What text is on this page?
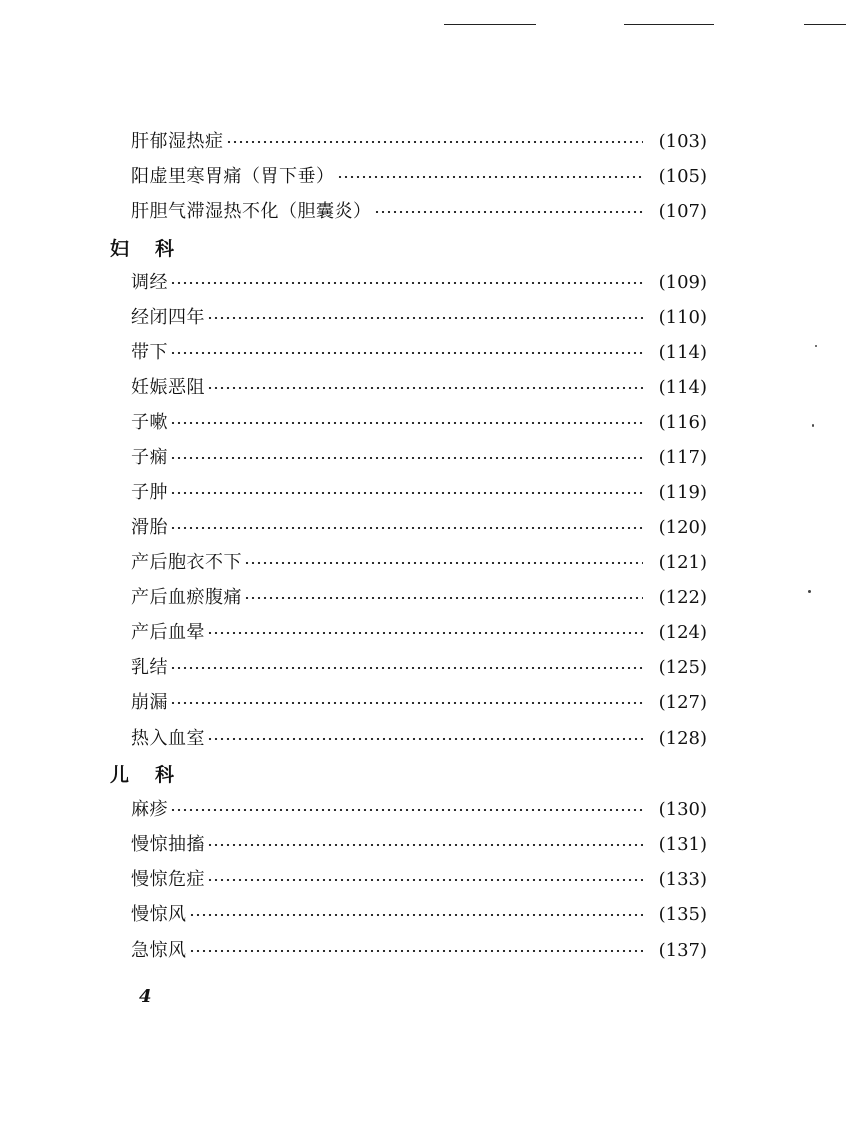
肝郁湿热症	(103)
阳虚里寒胃痛（胃下垂）	(105)
肝胆气滞湿热不化（胆囊炎）	(107)
妇科
调经	(109)
经闭四年	(110)
带下	(114)
妊娠恶阻	(114)
子嗽	(116)
子痫	(117)
子肿	(119)
滑胎	(120)
产后胞衣不下	(121)
产后血瘀腹痛	(122)
产后血晕	(124)
乳结	(125)
崩漏	(127)
热入血室	(128)
儿科
麻疹	(130)
慢惊抽搐	(131)
慢惊危症	(133)
慢惊风	(135)
急惊风	(137)
4
